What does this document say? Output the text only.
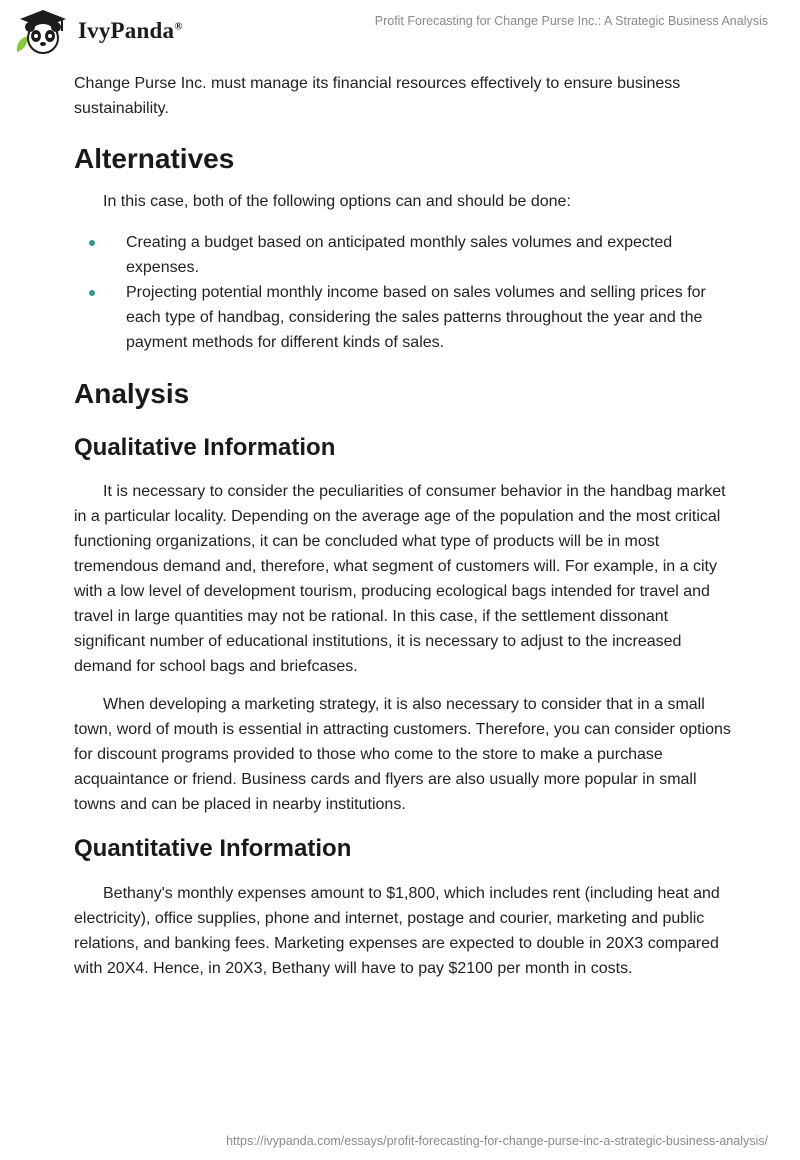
IvyPanda®	Profit Forecasting for Change Purse Inc.: A Strategic Business Analysis

Change Purse Inc. must manage its financial resources effectively to ensure business sustainability.

Alternatives

In this case, both of the following options can and should be done:

Creating a budget based on anticipated monthly sales volumes and expected expenses.
Projecting potential monthly income based on sales volumes and selling prices for each type of handbag, considering the sales patterns throughout the year and the payment methods for different kinds of sales.
Analysis
Qualitative Information

It is necessary to consider the peculiarities of consumer behavior in the handbag market in a particular locality. Depending on the average age of the population and the most critical functioning organizations, it can be concluded what type of products will be in most tremendous demand and, therefore, what segment of customers will. For example, in a city with a low level of development tourism, producing ecological bags intended for travel and travel in large quantities may not be rational. In this case, if the settlement dissonant significant number of educational institutions, it is necessary to adjust to the increased demand for school bags and briefcases.

When developing a marketing strategy, it is also necessary to consider that in a small town, word of mouth is essential in attracting customers. Therefore, you can consider options for discount programs provided to those who come to the store to make a purchase acquaintance or friend. Business cards and flyers are also usually more popular in small towns and can be placed in nearby institutions.

Quantitative Information

Bethany's monthly expenses amount to $1,800, which includes rent (including heat and electricity), office supplies, phone and internet, postage and courier, marketing and public relations, and banking fees. Marketing expenses are expected to double in 20X3 compared with 20X4. Hence, in 20X3, Bethany will have to pay $2100 per month in costs.

https://ivypanda.com/essays/profit-forecasting-for-change-purse-inc-a-strategic-business-analysis/
